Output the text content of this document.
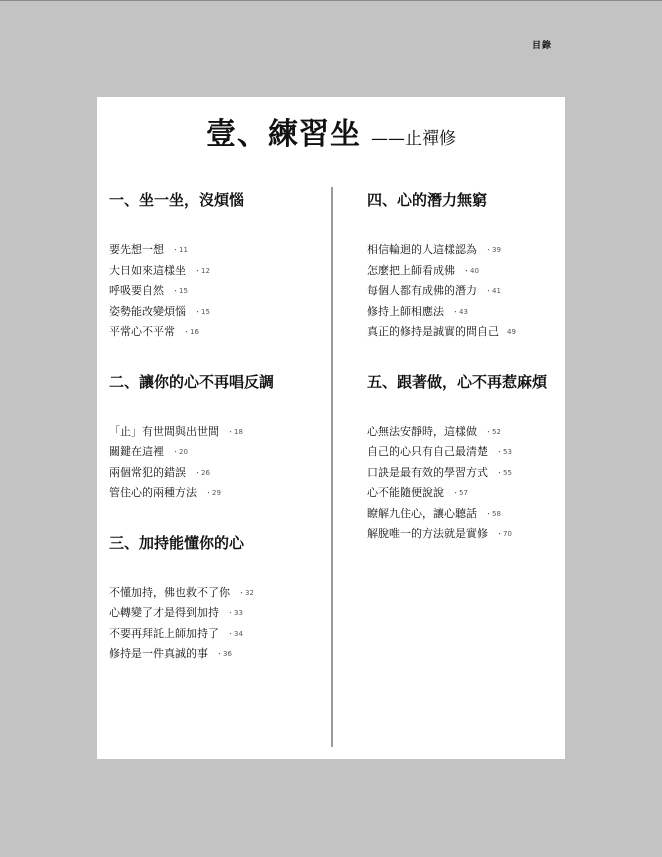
目錄
壹、練習坐 ——止禪修
一、坐一坐，沒煩惱
要先想一想 ・11
大日如來這樣坐 ・12
呼吸要自然 ・15
姿勢能改變煩惱 ・15
平常心不平常 ・16
二、讓你的心不再唱反調
「止」有世間與出世間 ・18
關鍵在這裡 ・20
兩個常犯的錯誤 ・26
管住心的兩種方法 ・29
三、加持能懂你的心
不懂加持，佛也救不了你 ・32
心轉變了才是得到加持 ・33
不要再拜託上師加持了 ・34
修持是一件真誠的事 ・36
四、心的潛力無窮
相信輪迴的人這樣認為 ・39
怎麼把上師看成佛 ・40
每個人都有成佛的潛力 ・41
修持上師相應法 ・43
真正的修持是誠實的問自己 49
五、跟著做，心不再惹麻煩
心無法安靜時，這樣做 ・52
自己的心只有自己最清楚 ・53
口訣是最有效的學習方式 ・55
心不能隨便說說 ・57
瞭解九住心，讓心聽話 ・58
解脫唯一的方法就是實修 ・70
